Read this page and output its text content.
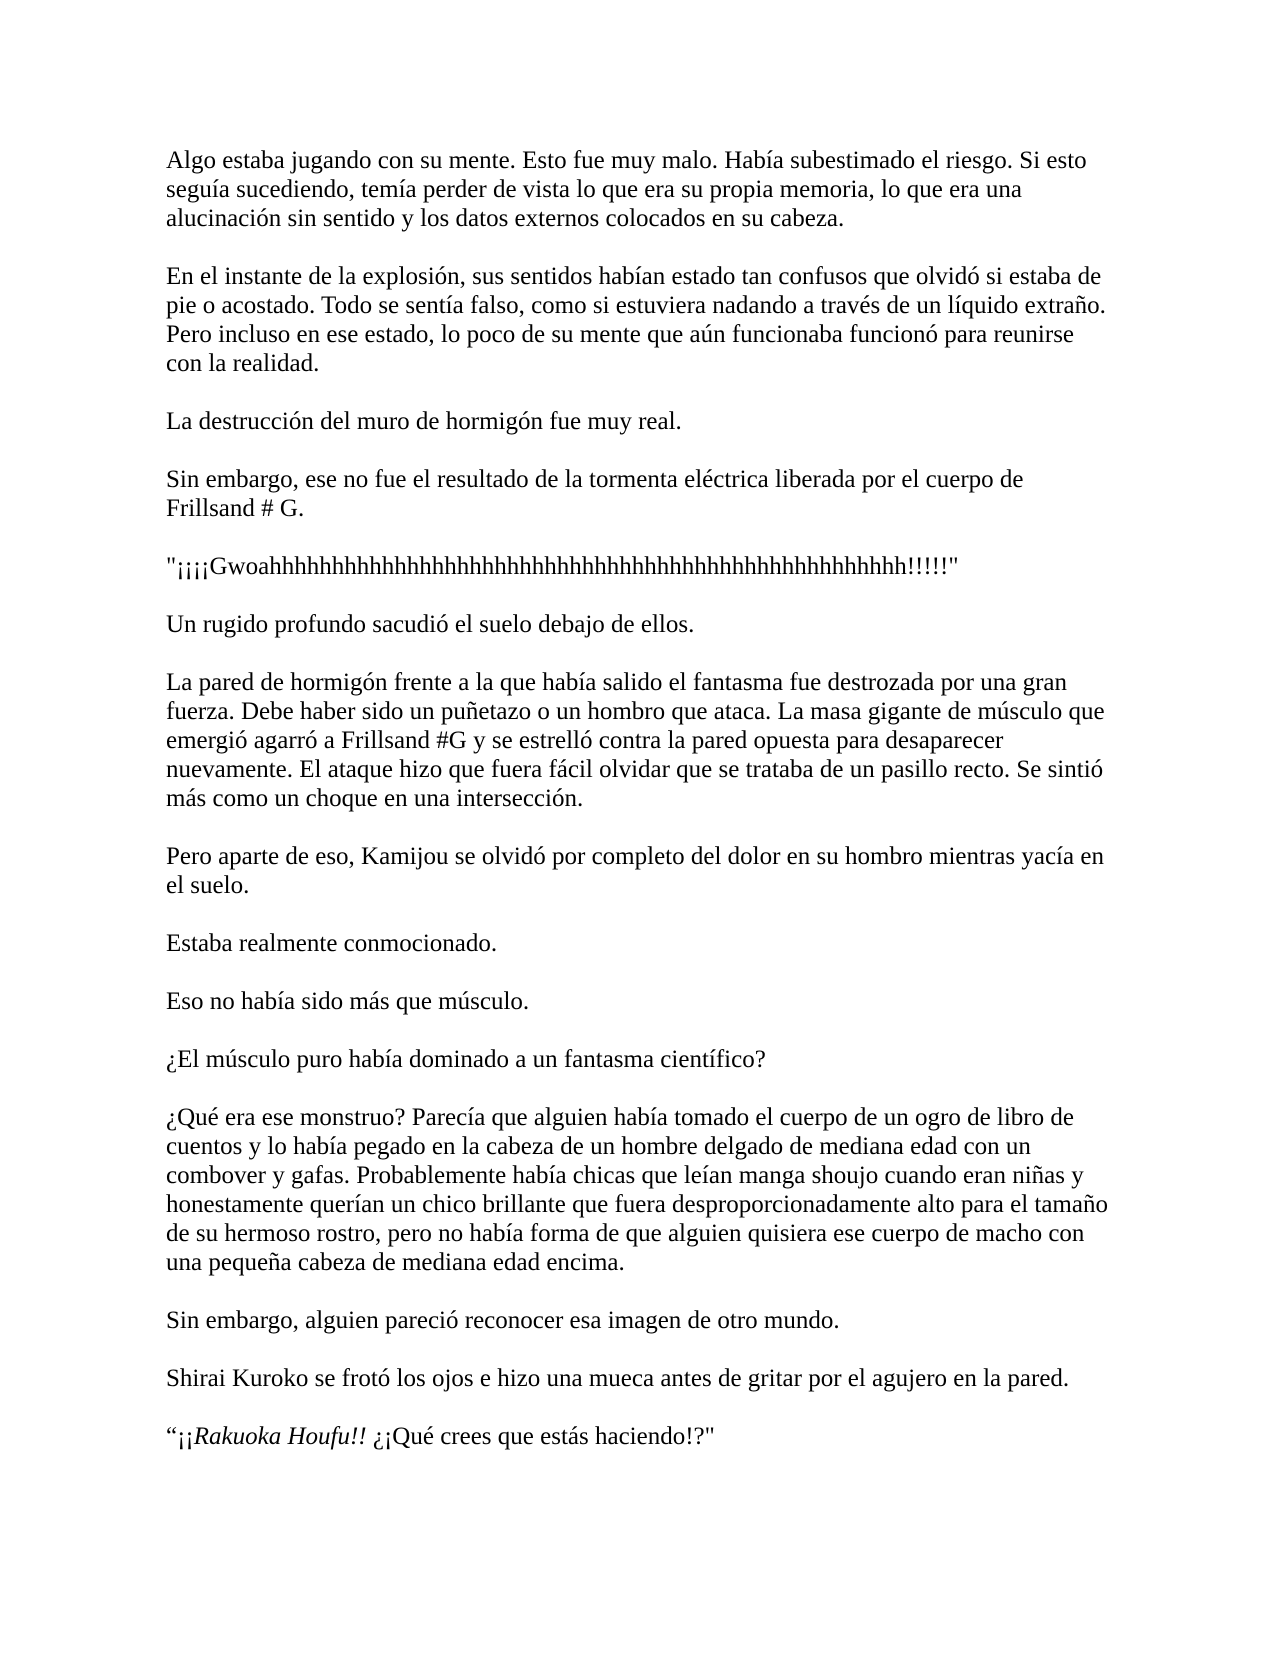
Algo estaba jugando con su mente. Esto fue muy malo. Había subestimado el riesgo. Si esto seguía sucediendo, temía perder de vista lo que era su propia memoria, lo que era una alucinación sin sentido y los datos externos colocados en su cabeza.

En el instante de la explosión, sus sentidos habían estado tan confusos que olvidó si estaba de pie o acostado. Todo se sentía falso, como si estuviera nadando a través de un líquido extraño. Pero incluso en ese estado, lo poco de su mente que aún funcionaba funcionó para reunirse con la realidad.

La destrucción del muro de hormigón fue muy real.

Sin embargo, ese no fue el resultado de la tormenta eléctrica liberada por el cuerpo de Frillsand # G.

"¡¡¡¡Gwoahhhhhhhhhhhhhhhhhhhhhhhhhhhhhhhhhhhhhhhhhhhhhhhhhhh!!!!!"

Un rugido profundo sacudió el suelo debajo de ellos.

La pared de hormigón frente a la que había salido el fantasma fue destrozada por una gran fuerza. Debe haber sido un puñetazo o un hombro que ataca. La masa gigante de músculo que emergió agarró a Frillsand #G y se estrelló contra la pared opuesta para desaparecer nuevamente. El ataque hizo que fuera fácil olvidar que se trataba de un pasillo recto. Se sintió más como un choque en una intersección.

Pero aparte de eso, Kamijou se olvidó por completo del dolor en su hombro mientras yacía en el suelo.

Estaba realmente conmocionado.

Eso no había sido más que músculo.

¿El músculo puro había dominado a un fantasma científico?

¿Qué era ese monstruo? Parecía que alguien había tomado el cuerpo de un ogro de libro de cuentos y lo había pegado en la cabeza de un hombre delgado de mediana edad con un combover y gafas. Probablemente había chicas que leían manga shoujo cuando eran niñas y honestamente querían un chico brillante que fuera desproporcionadamente alto para el tamaño de su hermoso rostro, pero no había forma de que alguien quisiera ese cuerpo de macho con una pequeña cabeza de mediana edad encima.

Sin embargo, alguien pareció reconocer esa imagen de otro mundo.

Shirai Kuroko se frotó los ojos e hizo una mueca antes de gritar por el agujero en la pared.

“¡¡Rakuoka Houfu!! ¿¡Qué crees que estás haciendo!?"
